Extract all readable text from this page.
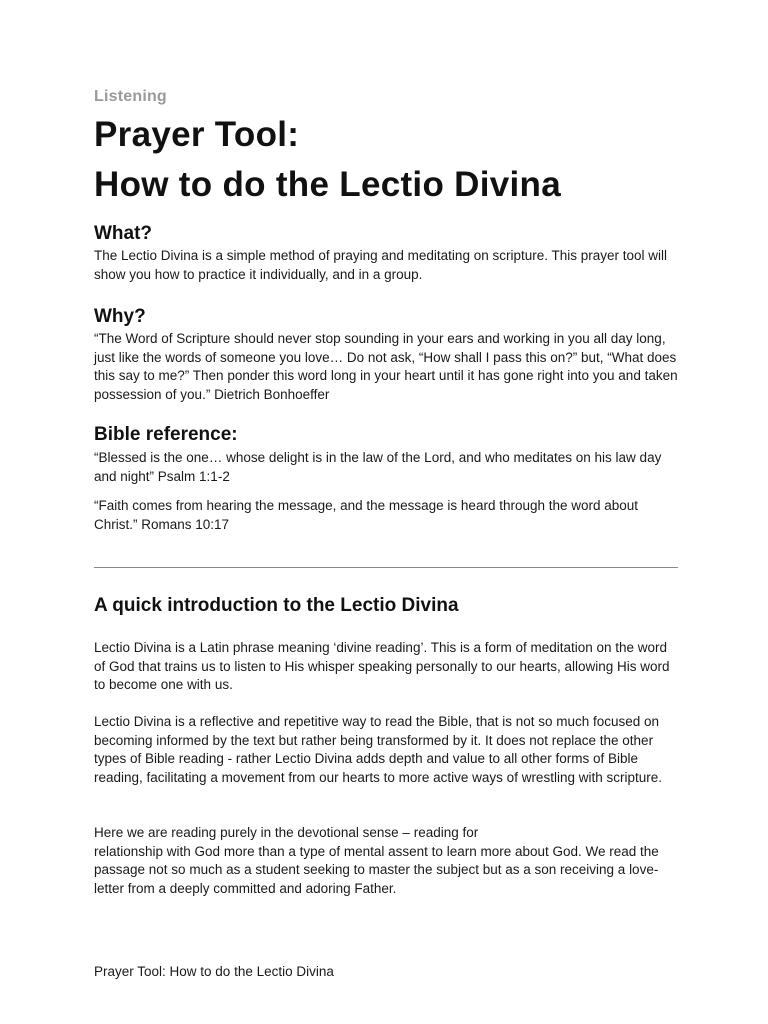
Listening
Prayer Tool:
How to do the Lectio Divina
What?

The Lectio Divina is a simple method of praying and meditating on scripture. This prayer tool will show you how to practice it individually, and in a group.

Why?

“The Word of Scripture should never stop sounding in your ears and working in you all day long, just like the words of someone you love… Do not ask, “How shall I pass this on?” but, “What does this say to me?” Then ponder this word long in your heart until it has gone right into you and taken possession of you.” Dietrich Bonhoeffer

Bible reference:

“Blessed is the one… whose delight is in the law of the Lord, and who meditates on his law day and night” Psalm 1:1-2

“Faith comes from hearing the message, and the message is heard through the word about Christ.” Romans 10:17

A quick introduction to the Lectio Divina

Lectio Divina is a Latin phrase meaning ‘divine reading’. This is a form of meditation on the word of God that trains us to listen to His whisper speaking personally to our hearts, allowing His word to become one with us.

Lectio Divina is a reflective and repetitive way to read the Bible, that is not so much focused on becoming informed by the text but rather being transformed by it. It does not replace the other types of Bible reading - rather Lectio Divina adds depth and value to all other forms of Bible reading, facilitating a movement from our hearts to more active ways of wrestling with scripture.

Here we are reading purely in the devotional sense – reading for
relationship with God more than a type of mental assent to learn more about God. We read the passage not so much as a student seeking to master the subject but as a son receiving a love-letter from a deeply committed and adoring Father.

Prayer Tool: How to do the Lectio Divina
